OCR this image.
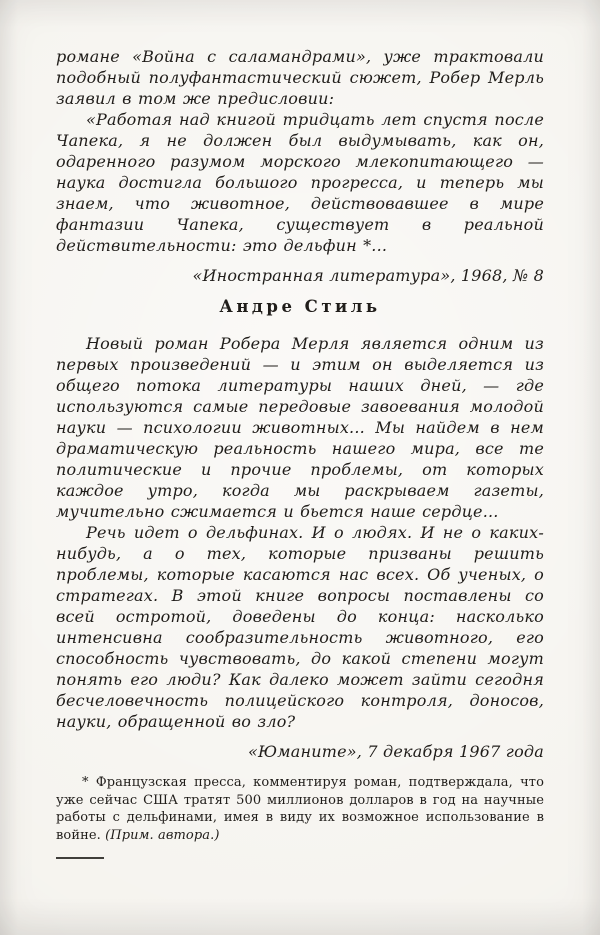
романе «Война с саламандрами», уже трактовали подобный полуфантастический сюжет, Робер Мерль заявил в том же предисловии:

«Работая над книгой тридцать лет спустя после Чапека, я не должен был выдумывать, как он, одаренного разумом морского млекопитающего — наука достигла большого прогресса, и теперь мы знаем, что животное, действовавшее в мире фантазии Чапека, существует в реальной действительности: это дельфин *...

«Иностранная литература», 1968, № 8

Андре Стиль

Новый роман Робера Мерля является одним из первых произведений — и этим он выделяется из общего потока литературы наших дней, — где используются самые передовые завоевания молодой науки — психологии животных... Мы найдем в нем драматическую реальность нашего мира, все те политические и прочие проблемы, от которых каждое утро, когда мы раскрываем газеты, мучительно сжимается и бьется наше сердце...

Речь идет о дельфинах. И о людях. И не о каких-нибудь, а о тех, которые призваны решить проблемы, которые касаются нас всех. Об ученых, о стратегах. В этой книге вопросы поставлены со всей остротой, доведены до конца: насколько интенсивна сообразительность животного, его способность чувствовать, до какой степени могут понять его люди? Как далеко может зайти сегодня бесчеловечность полицейского контроля, доносов, науки, обращенной во зло?

«Юманите», 7 декабря 1967 года

* Французская пресса, комментируя роман, подтверждала, что уже сейчас США тратят 500 миллионов долларов в год на научные работы с дельфинами, имея в виду их возможное использование в войне. (Прим. автора.)
